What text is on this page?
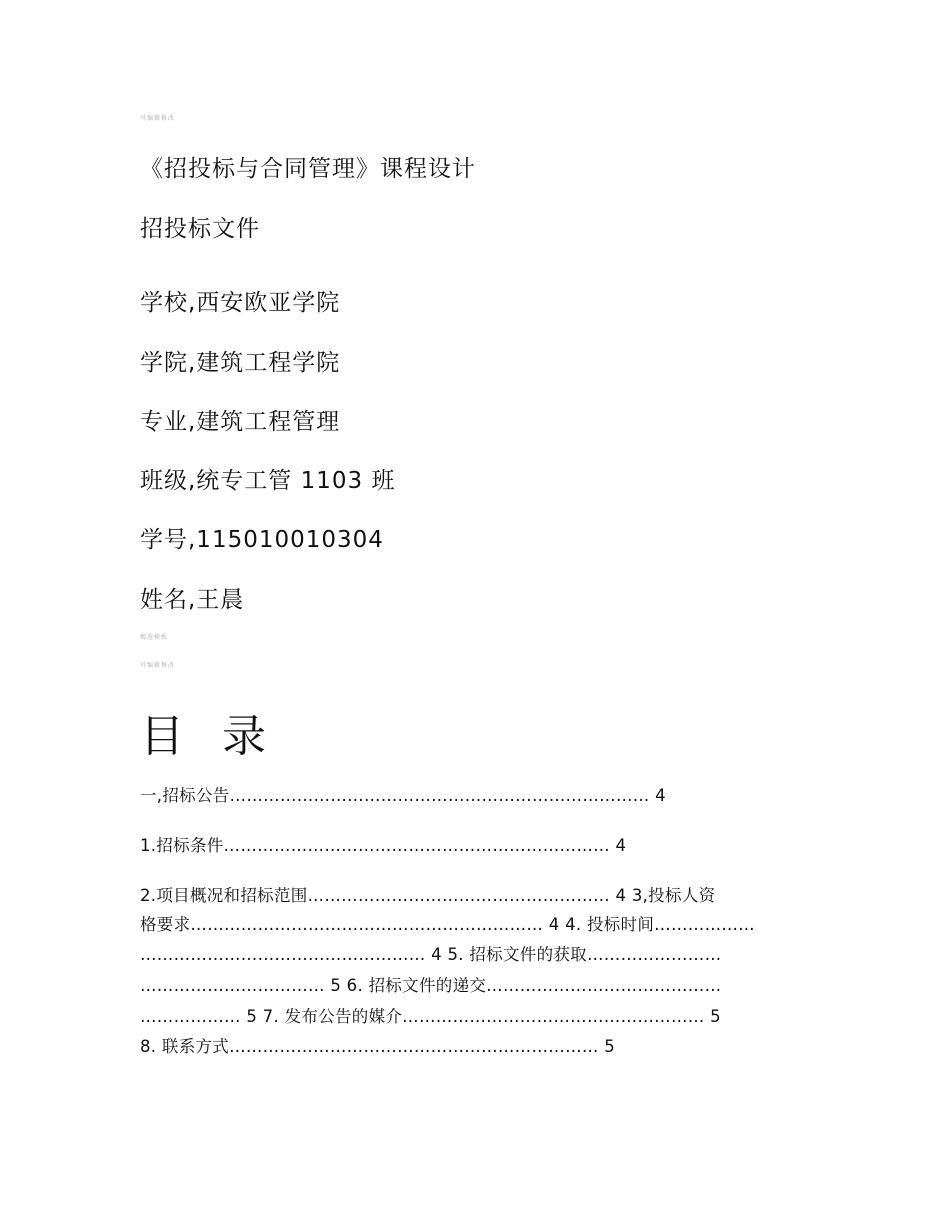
可编辑修改
《招投标与合同管理》课程设计
招投标文件
学校,西安欧亚学院
学院,建筑工程学院
专业,建筑工程管理
班级,统专工管 1103 班
学号,115010010304
姓名,王晨
精选模板
可编辑修改
目 录
一,招标公告………………………………………………………………… 4
1.招标条件…………………………………………………………… 4
2.项目概况和招标范围……………………………………………… 4 3,投标人资
格要求……………………………………………………… 4 4. 投标时间………………
…………………………………………… 4 5. 招标文件的获取……………………
…………………………… 5 6. 招标文件的递交……………………………………
……………… 5 7. 发布公告的媒介……………………………………………… 5
8. 联系方式………………………………………………………… 5
